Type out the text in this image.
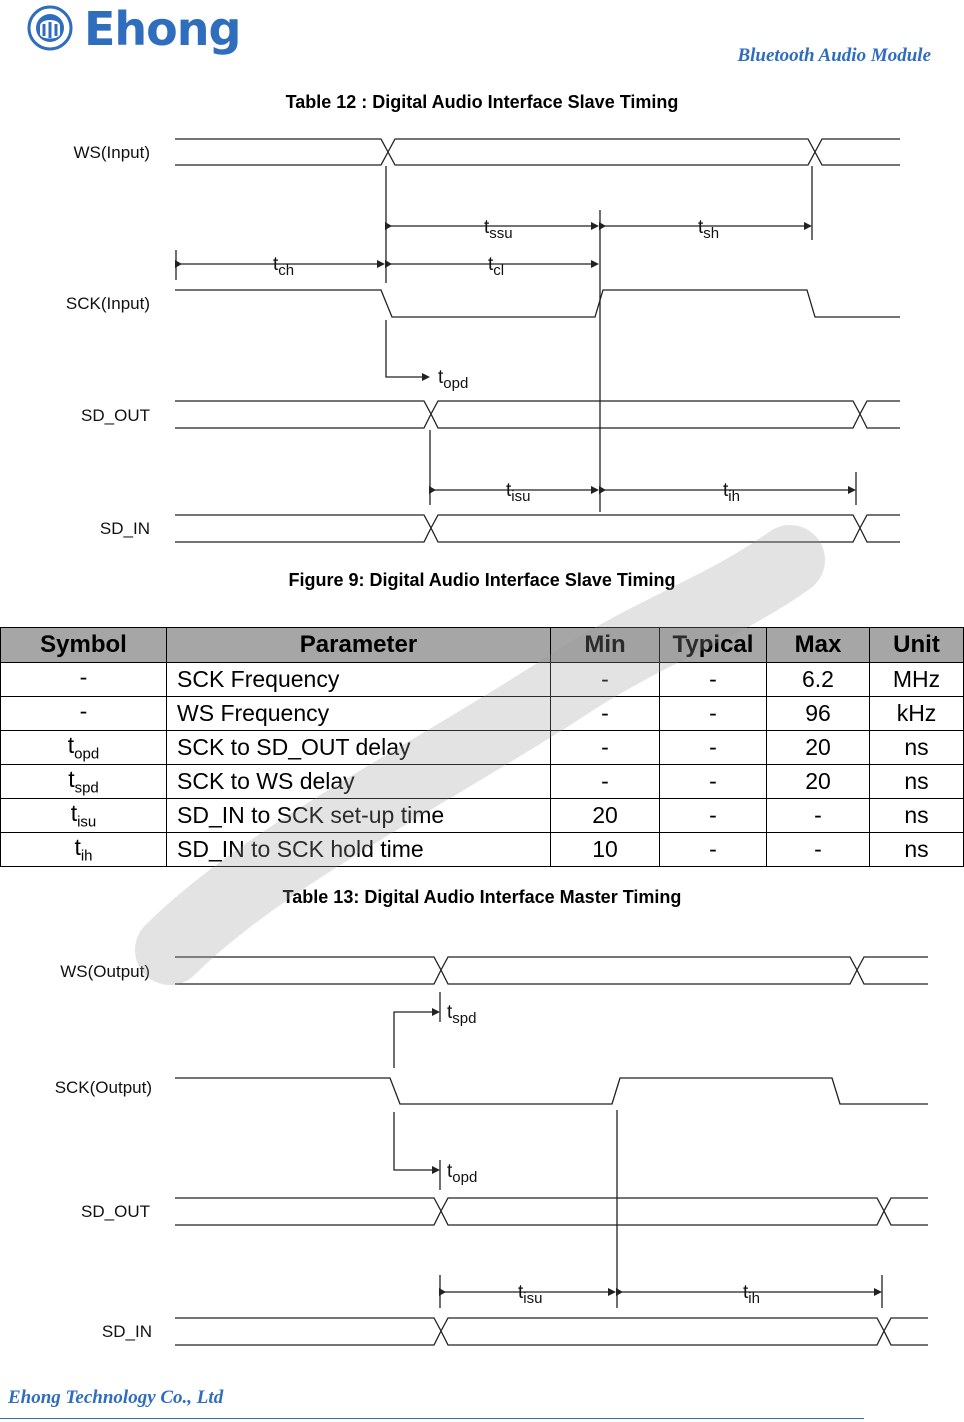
Ehong	Bluetooth Audio Module
Table 12 : Digital Audio Interface Slave Timing
WS(Input)
SCK(Input)
SD_OUT
SD_IN
$t_{ssu}$	$t_{sh}$
$t_{ch}$	$t_{cl}$
$t_{opd}$
$t_{isu}$	$t_{ih}$
Figure 9: Digital Audio Interface Slave Timing
Symbol	Parameter	Min	Typical	Max	Unit
-	SCK Frequency	-	-	6.2	MHz
-	WS Frequency	-	-	96	kHz
$t_{opd}$	SCK to SD_OUT delay	-	-	20	ns
$t_{spd}$	SCK to WS delay	-	-	20	ns
$t_{isu}$	SD_IN to SCK set-up time	20	-	-	ns
$t_{ih}$	SD_IN to SCK hold time	10	-	-	ns
Table 13: Digital Audio Interface Master Timing
WS(Output)
SCK(Output)
SD_OUT
SD_IN
$t_{spd}$
$t_{opd}$
$t_{isu}$	$t_{ih}$
Ehong Technology Co., Ltd
